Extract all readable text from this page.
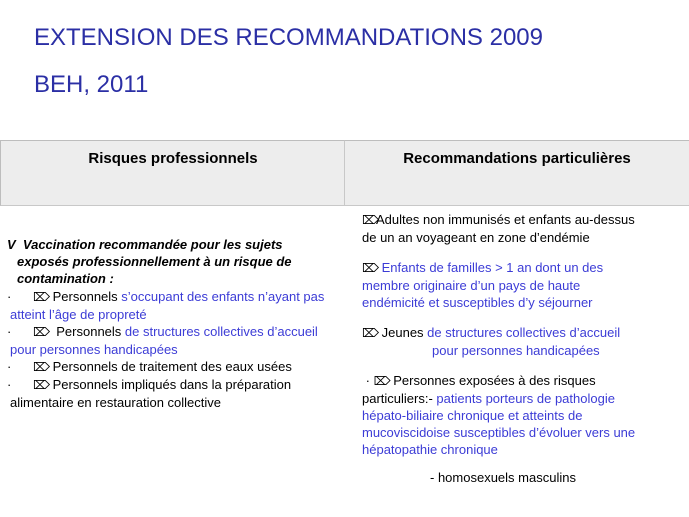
EXTENSION DES RECOMMANDATIONS 2009
BEH, 2011
Risques professionnels	Recommandations particulières
V Vaccination recommandée pour les sujets
exposés professionnellement à un risque de
contamination :
· ⌦ Personnels s’occupant des enfants n’ayant pas
atteint l’âge de propreté
· ⌦ Personnels de structures collectives d’accueil
pour personnes handicapées
· ⌦ Personnels de traitement des eaux usées
· ⌦ Personnels impliqués dans la préparation
alimentaire en restauration collective
⌦Adultes non immunisés et enfants au-dessus
de un an voyageant en zone d’endémie
⌦ Enfants de familles > 1 an dont un des
membre originaire d’un pays de haute
endémicité et susceptibles d’y séjourner
⌦ Jeunes de structures collectives d’accueil
pour personnes handicapées
· ⌦ Personnes exposées à des risques
particuliers:- patients porteurs de pathologie
hépato-biliaire chronique et atteints de
mucoviscidoise susceptibles d’évoluer vers une
hépatopathie chronique
- homosexuels masculins
